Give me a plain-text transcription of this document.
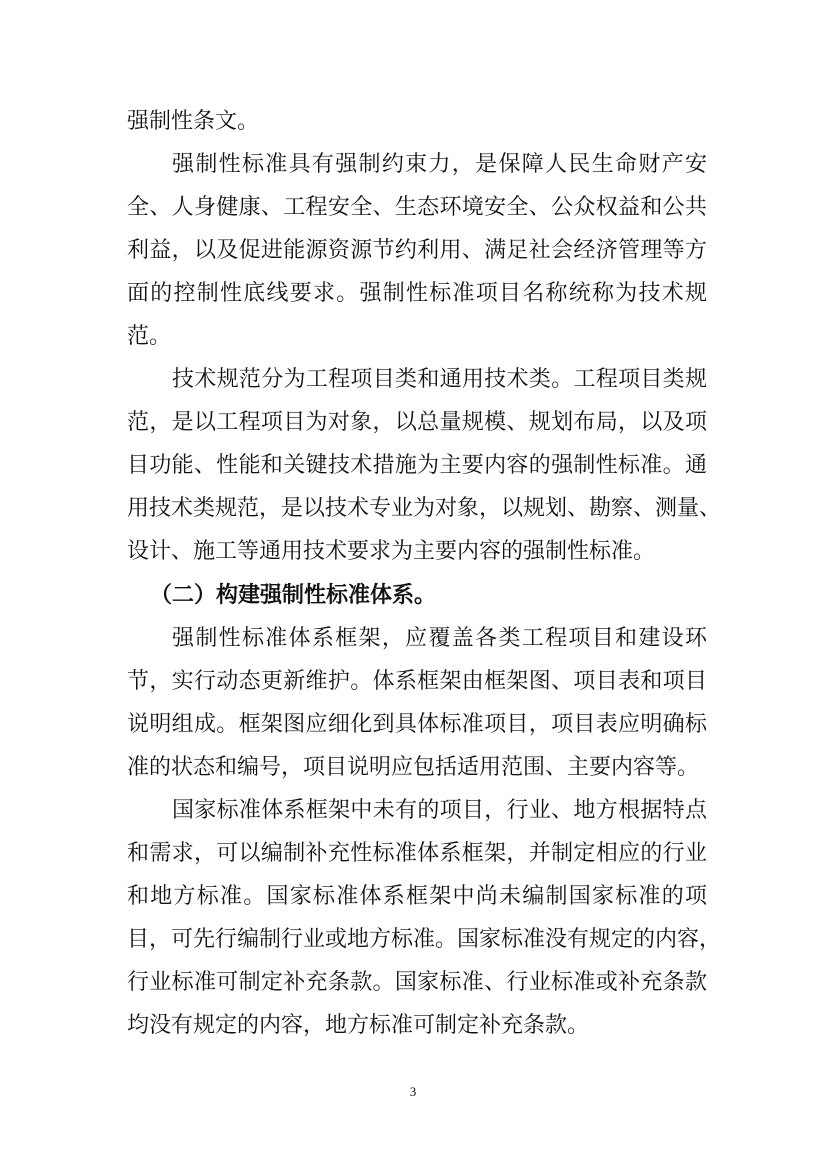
强制性条文。
强制性标准具有强制约束力，是保障人民生命财产安
全、人身健康、工程安全、生态环境安全、公众权益和公共
利益，以及促进能源资源节约利用、满足社会经济管理等方
面的控制性底线要求。强制性标准项目名称统称为技术规
范。
技术规范分为工程项目类和通用技术类。工程项目类规
范，是以工程项目为对象，以总量规模、规划布局，以及项
目功能、性能和关键技术措施为主要内容的强制性标准。通
用技术类规范，是以技术专业为对象，以规划、勘察、测量、
设计、施工等通用技术要求为主要内容的强制性标准。
（二）构建强制性标准体系。
强制性标准体系框架，应覆盖各类工程项目和建设环
节，实行动态更新维护。体系框架由框架图、项目表和项目
说明组成。框架图应细化到具体标准项目，项目表应明确标
准的状态和编号，项目说明应包括适用范围、主要内容等。
国家标准体系框架中未有的项目，行业、地方根据特点
和需求，可以编制补充性标准体系框架，并制定相应的行业
和地方标准。国家标准体系框架中尚未编制国家标准的项
目，可先行编制行业或地方标准。国家标准没有规定的内容，
行业标准可制定补充条款。国家标准、行业标准或补充条款
均没有规定的内容，地方标准可制定补充条款。
3
